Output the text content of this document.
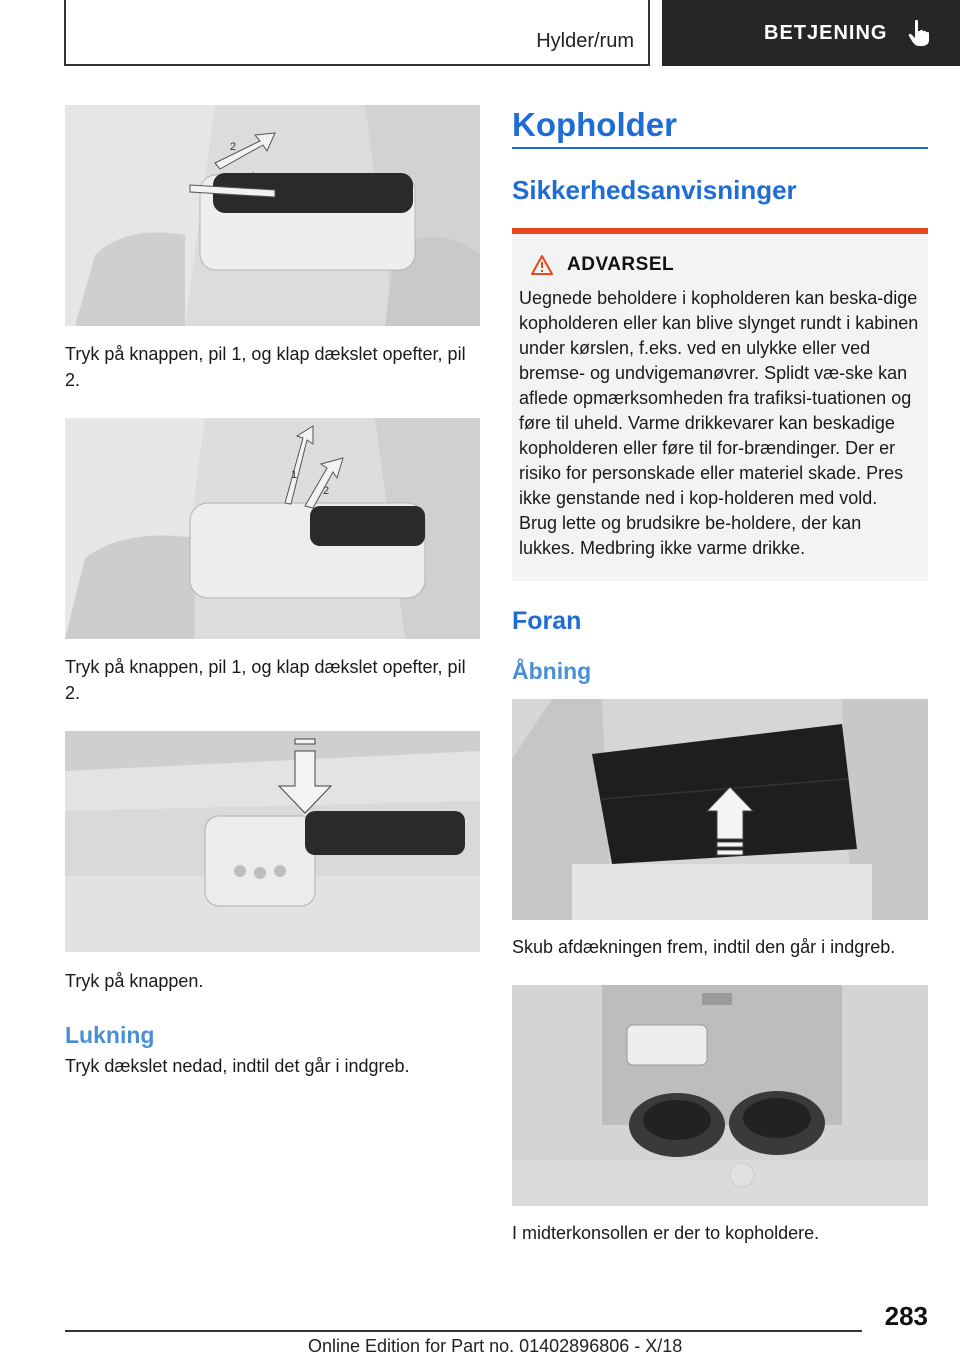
Hylder/rum	BETJENING
1
2
Tryk på knappen, pil 1, og klap dækslet opefter, pil 2.
1
2
Tryk på knappen, pil 1, og klap dækslet opefter, pil 2.
Tryk på knappen.
Lukning
Tryk dækslet nedad, indtil det går i indgreb.
Kopholder
Sikkerhedsanvisninger
ADVARSEL
Uegnede beholdere i kopholderen kan beska-dige kopholderen eller kan blive slynget rundt i kabinen under kørslen, f.eks. ved en ulykke eller ved bremse- og undvigemanøvrer. Splidt væ-ske kan aflede opmærksomheden fra trafiksi-tuationen og føre til uheld. Varme drikkevarer kan beskadige kopholderen eller føre til for-brændinger. Der er risiko for personskade eller materiel skade. Pres ikke genstande ned i kop-holderen med vold. Brug lette og brudsikre be-holdere, der kan lukkes. Medbring ikke varme drikke.
Foran
Åbning
Skub afdækningen frem, indtil den går i indgreb.
I midterkonsollen er der to kopholdere.
283
Online Edition for Part no. 01402896806 - X/18
